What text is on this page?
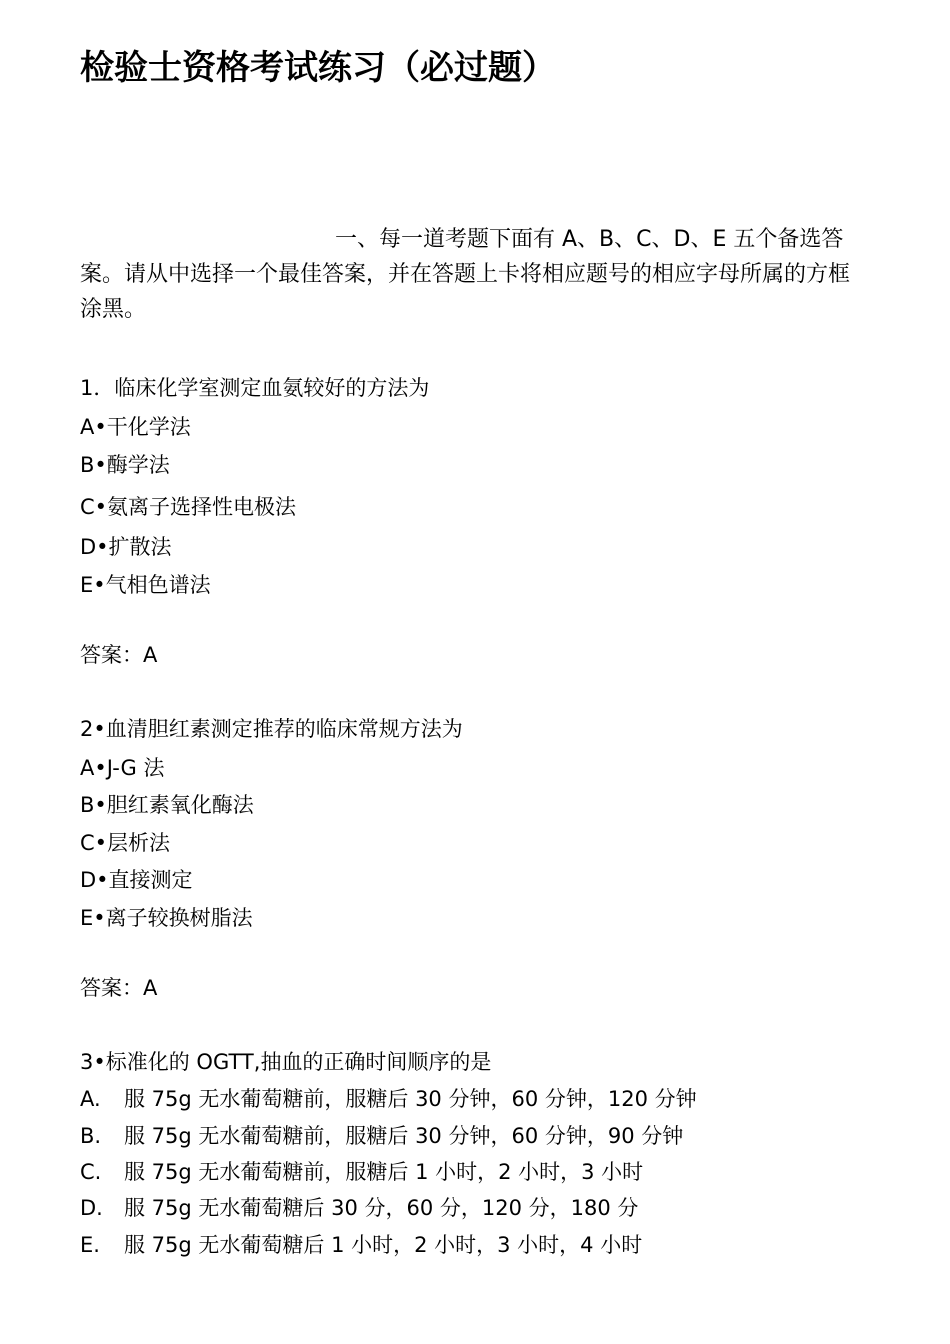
检验士资格考试练习（必过题）
一、每一道考题下面有 A、B、C、D、E 五个备选答案。请从中选择一个最佳答案，并在答题上卡将相应题号的相应字母所属的方框涂黑。
1．临床化学室测定血氨较好的方法为
A•干化学法
B•酶学法
C•氨离子选择性电极法
D•扩散法
E•气相色谱法
答案：A
2•血清胆红素测定推荐的临床常规方法为
A•J-G 法
B•胆红素氧化酶法
C•层析法
D•直接测定
E•离子较换树脂法
答案：A
3•标准化的 OGTT,抽血的正确时间顺序的是
A. 服 75g 无水葡萄糖前，服糖后 30 分钟，60 分钟，120 分钟
B. 服 75g 无水葡萄糖前，服糖后 30 分钟，60 分钟，90 分钟
C. 服 75g 无水葡萄糖前，服糖后 1 小时，2 小时，3 小时
D. 服 75g 无水葡萄糖后 30 分，60 分，120 分，180 分
E. 服 75g 无水葡萄糖后 1 小时，2 小时，3 小时，4 小时
